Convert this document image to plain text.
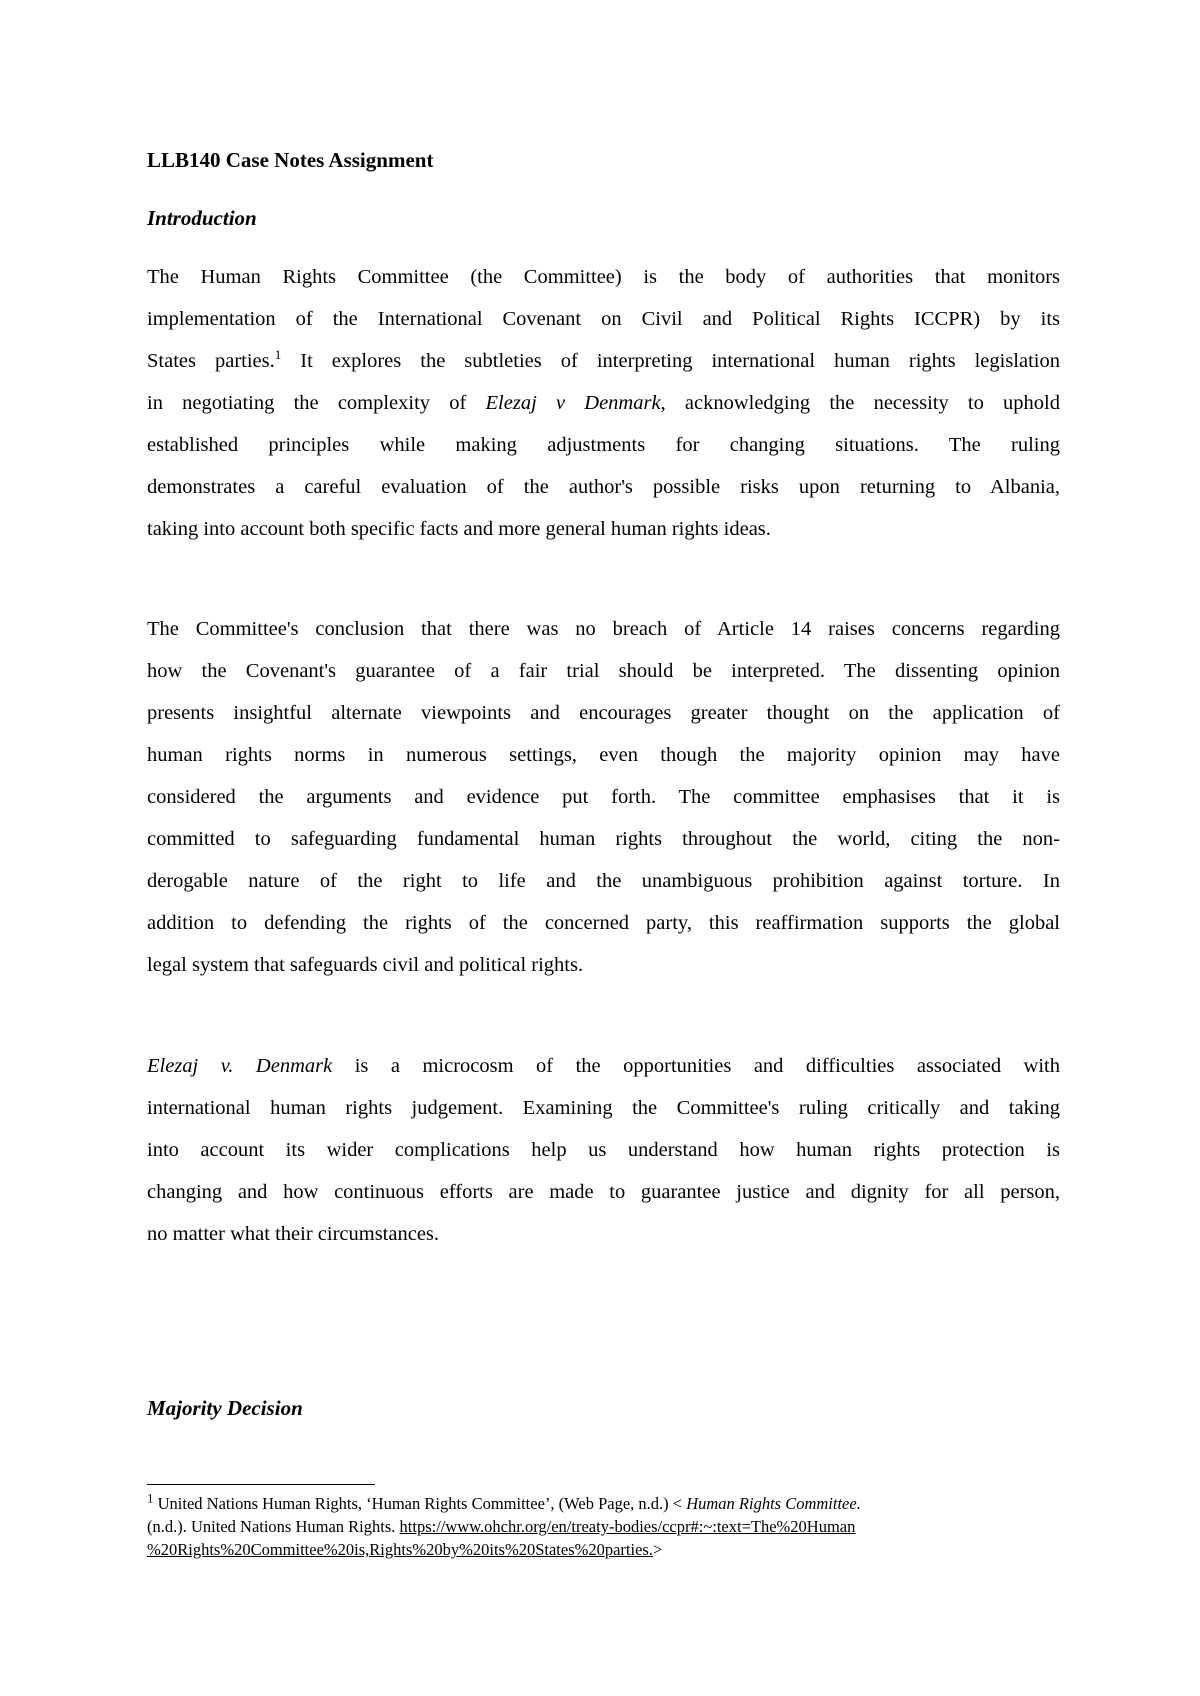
LLB140 Case Notes Assignment
Introduction
The Human Rights Committee (the Committee) is the body of authorities that monitors
implementation of the International Covenant on Civil and Political Rights ICCPR) by its
States parties.$^1$ It explores the subtleties of interpreting international human rights legislation
in negotiating the complexity of Elezaj v Denmark, acknowledging the necessity to uphold
established principles while making adjustments for changing situations. The ruling
demonstrates a careful evaluation of the author's possible risks upon returning to Albania,
taking into account both specific facts and more general human rights ideas.
The Committee's conclusion that there was no breach of Article 14 raises concerns regarding
how the Covenant's guarantee of a fair trial should be interpreted. The dissenting opinion
presents insightful alternate viewpoints and encourages greater thought on the application of
human rights norms in numerous settings, even though the majority opinion may have
considered the arguments and evidence put forth. The committee emphasises that it is
committed to safeguarding fundamental human rights throughout the world, citing the non-
derogable nature of the right to life and the unambiguous prohibition against torture. In
addition to defending the rights of the concerned party, this reaffirmation supports the global
legal system that safeguards civil and political rights.
Elezaj v. Denmark is a microcosm of the opportunities and difficulties associated with
international human rights judgement. Examining the Committee's ruling critically and taking
into account its wider complications help us understand how human rights protection is
changing and how continuous efforts are made to guarantee justice and dignity for all person,
no matter what their circumstances.
Majority Decision
$^1$ United Nations Human Rights, ‘Human Rights Committee’, (Web Page, n.d.) < Human Rights Committee.
(n.d.). United Nations Human Rights. https://www.ohchr.org/en/treaty-bodies/ccpr#:~:text=The%20Human
%20Rights%20Committee%20is,Rights%20by%20its%20States%20parties.>
